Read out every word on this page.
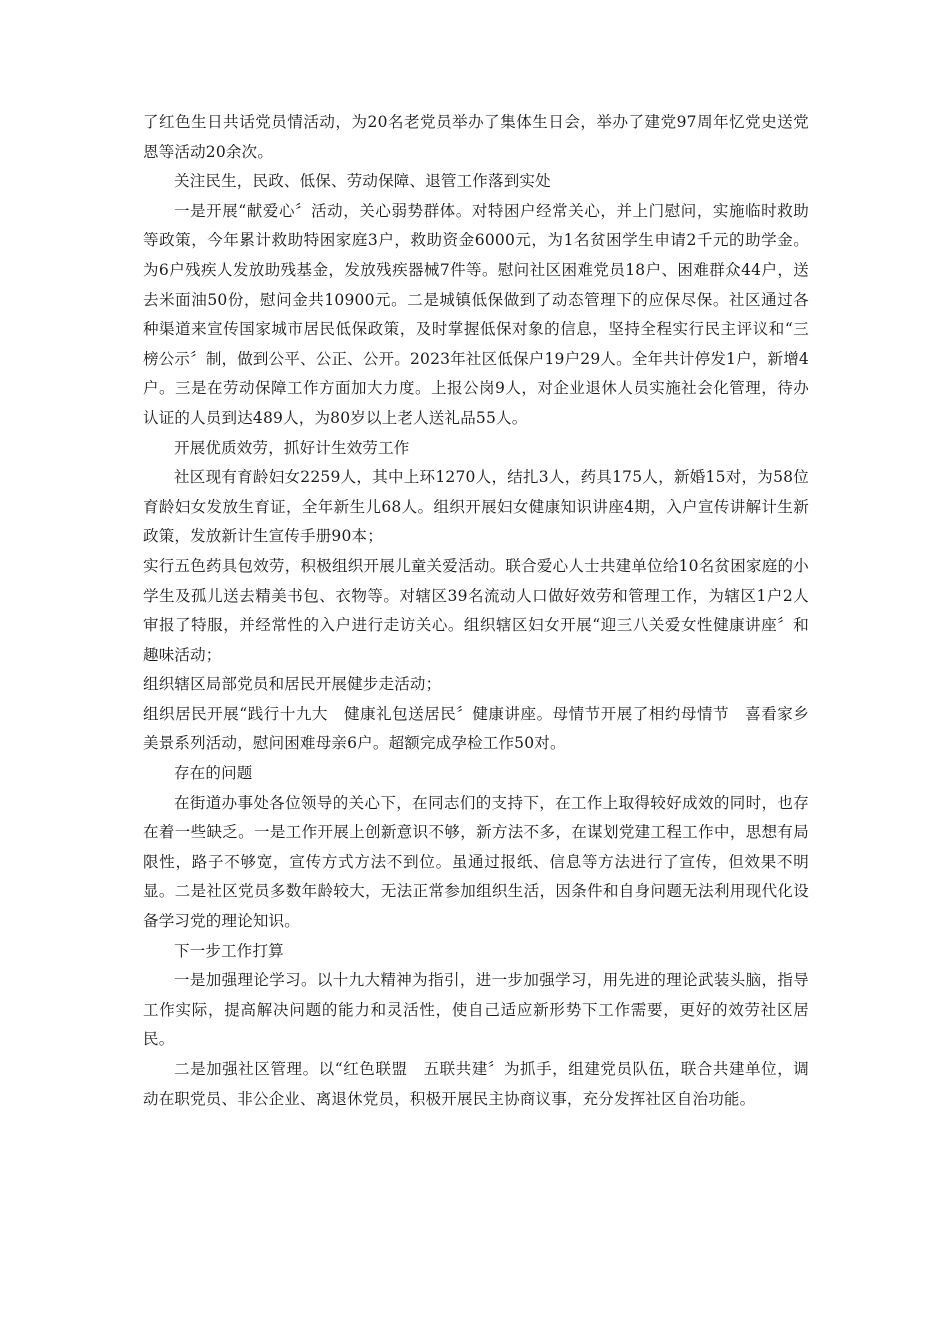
了红色生日共话党员情活动，为20名老党员举办了集体生日会，举办了建党97周年忆党史送党恩等活动20余次。

关注民生，民政、低保、劳动保障、退管工作落到实处

一是开展“献爱心〞活动，关心弱势群体。对特困户经常关心，并上门慰问，实施临时救助等政策，今年累计救助特困家庭3户，救助资金6000元，为1名贫困学生申请2千元的助学金。为6户残疾人发放助残基金，发放残疾器械7件等。慰问社区困难党员18户、困难群众44户，送去米面油50份，慰问金共10900元。二是城镇低保做到了动态管理下的应保尽保。社区通过各种渠道来宣传国家城市居民低保政策，及时掌握低保对象的信息，坚持全程实行民主评议和“三榜公示〞制，做到公平、公正、公开。2023年社区低保户19户29人。全年共计停发1户，新增4户。三是在劳动保障工作方面加大力度。上报公岗9人，对企业退休人员实施社会化管理，待办认证的人员到达489人，为80岁以上老人送礼品55人。

开展优质效劳，抓好计生效劳工作

社区现有育龄妇女2259人，其中上环1270人，结扎3人，药具175人，新婚15对，为58位育龄妇女发放生育证，全年新生儿68人。组织开展妇女健康知识讲座4期，入户宣传讲解计生新政策，发放新计生宣传手册90本；

实行五色药具包效劳，积极组织开展儿童关爱活动。联合爱心人士共建单位给10名贫困家庭的小学生及孤儿送去精美书包、衣物等。对辖区39名流动人口做好效劳和管理工作，为辖区1户2人审报了特服，并经常性的入户进行走访关心。组织辖区妇女开展“迎三八关爱女性健康讲座〞和趣味活动；

组织辖区局部党员和居民开展健步走活动；

组织居民开展“践行十九大　健康礼包送居民〞健康讲座。母情节开展了相约母情节　喜看家乡美景系列活动，慰问困难母亲6户。超额完成孕检工作50对。

存在的问题

在街道办事处各位领导的关心下，在同志们的支持下，在工作上取得较好成效的同时，也存在着一些缺乏。一是工作开展上创新意识不够，新方法不多，在谋划党建工程工作中，思想有局限性，路子不够宽，宣传方式方法不到位。虽通过报纸、信息等方法进行了宣传，但效果不明显。二是社区党员多数年龄较大，无法正常参加组织生活，因条件和自身问题无法利用现代化设备学习党的理论知识。

下一步工作打算

一是加强理论学习。以十九大精神为指引，进一步加强学习，用先进的理论武装头脑，指导工作实际，提高解决问题的能力和灵活性，使自己适应新形势下工作需要，更好的效劳社区居民。

二是加强社区管理。以“红色联盟　五联共建〞为抓手，组建党员队伍，联合共建单位，调动在职党员、非公企业、离退休党员，积极开展民主协商议事，充分发挥社区自治功能。
